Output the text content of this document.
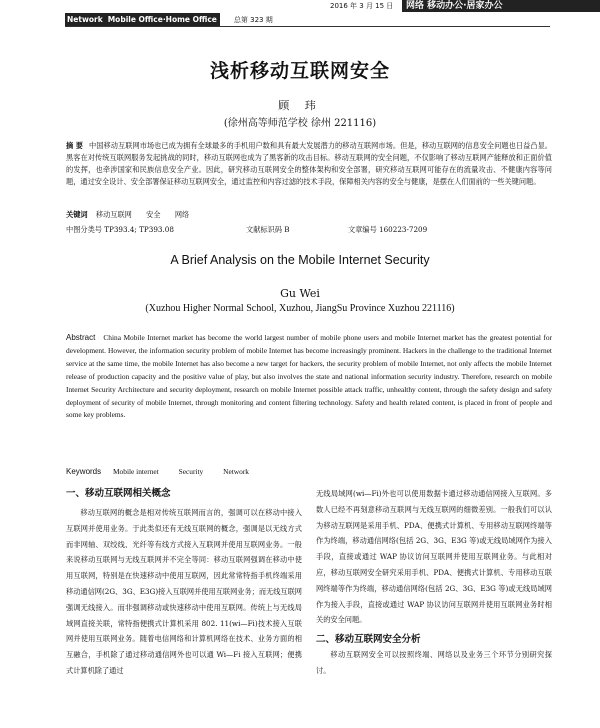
2016 年 3 月 15 日	网络 移动办公·居家办公
Network Mobile Office·Home Office	总第 323 期
浅析移动互联网安全
顾 玮
(徐州高等师范学校 徐州 221116)

摘 要 中国移动互联网市场也已成为拥有全球最多的手机用户数和具有最大发展潜力的移动互联网市场。但是，移动互联网的信息安全问题也日益凸显。黑客在对传统互联网服务发起挑战的同时，移动互联网也成为了黑客新的攻击目标。移动互联网的安全问题，不仅影响了移动互联网产能释放和正面价值的发挥，也牵涉国家和民族信息安全产业。因此，研究移动互联网安全的整体架构和安全部署，研究移动互联网可能存在的流量攻击、不健康内容等问题，通过安全设计、安全部署保证移动互联网安全，通过监控和内容过滤的技术手段，保障相关内容的安全与健康，是摆在人们面前的一些关键问题。

关键词 移动互联网 安全 网络
中图分类号 TP393.4; TP393.08	文献标识码 B	文章编号 160223-7209
A Brief Analysis on the Mobile Internet Security
Gu Wei
(Xuzhou Higher Normal School, Xuzhou, JiangSu Province Xuzhou 221116)

Abstract China Mobile Internet market has become the world largest number of mobile phone users and mobile Internet market has the greatest potential for development. However, the information security problem of mobile Internet has become increasingly prominent. Hackers in the challenge to the traditional Internet service at the same time, the mobile Internet has also become a new target for hackers, the security problem of mobile Internet, not only affects the mobile Internet release of production capacity and the positive value of play, but also involves the state and national information security industry. Therefore, research on mobile Internet Security Architecture and security deployment, research on mobile Internet possible attack traffic, unhealthy content, through the safety design and safety deployment of security of mobile Internet, through monitoring and content filtering technology. Safety and health related content, is placed in front of people and some key problems.

Keywords Mobile internet	Security	Network
一、移动互联网相关概念

移动互联网的概念是相对传统互联网而言的，强调可以在移动中接入互联网并使用业务。于此类似还有无线互联网的概念，强调是以无线方式而非网轴、双绞线、光纤等有线方式接入互联网并使用互联网业务。一般来说移动互联网与无线互联网并不完全等同：移动互联网强调在移动中使用互联网，特别是在快速移动中使用互联网，因此常常特指手机终端采用移动通信网(2G、3G、E3G)接入互联网并使用互联网业务；而无线互联网强调无线接入。而非强调移动或快速移动中使用互联网。传统上与无线局域网直接关联，常特指便携式计算机采用 802. 11(wi—Fi)技术接入互联网并使用互联网业务。随着电信网络和计算机网络在技术、业务方面的相互融合，手机除了通过移动通信网外也可以通 Wi—Fi 接入互联网；便携式计算机除了通过

无线局域网(wi—Fi)外也可以使用数据卡通过移动通信网接入互联网。多数人已经不再刻意移动互联网与无线互联网的细微差别。一般我们可以认为移动互联网是采用手机、PDA、便携式计算机、专用移动互联网终端等作为终端，移动通信网络(包括 2G、3G、E3G 等)或无线局域网作为接入手段，直接或通过 WAP 协议访问互联网并使用互联网业务。与此相对应，移动互联网安全研究采用手机、PDA、便携式计算机、专用移动互联网终端等作为终端，移动通信网络(包括 2G、3G、E3G 等)或无线局域网作为接入手段，直接或通过 WAP 协议访问互联网并使用互联网业务时相关的安全问题。

二、移动互联网安全分析

移动互联网安全可以按照终端、网络以及业务三个环节分别研究探讨。
